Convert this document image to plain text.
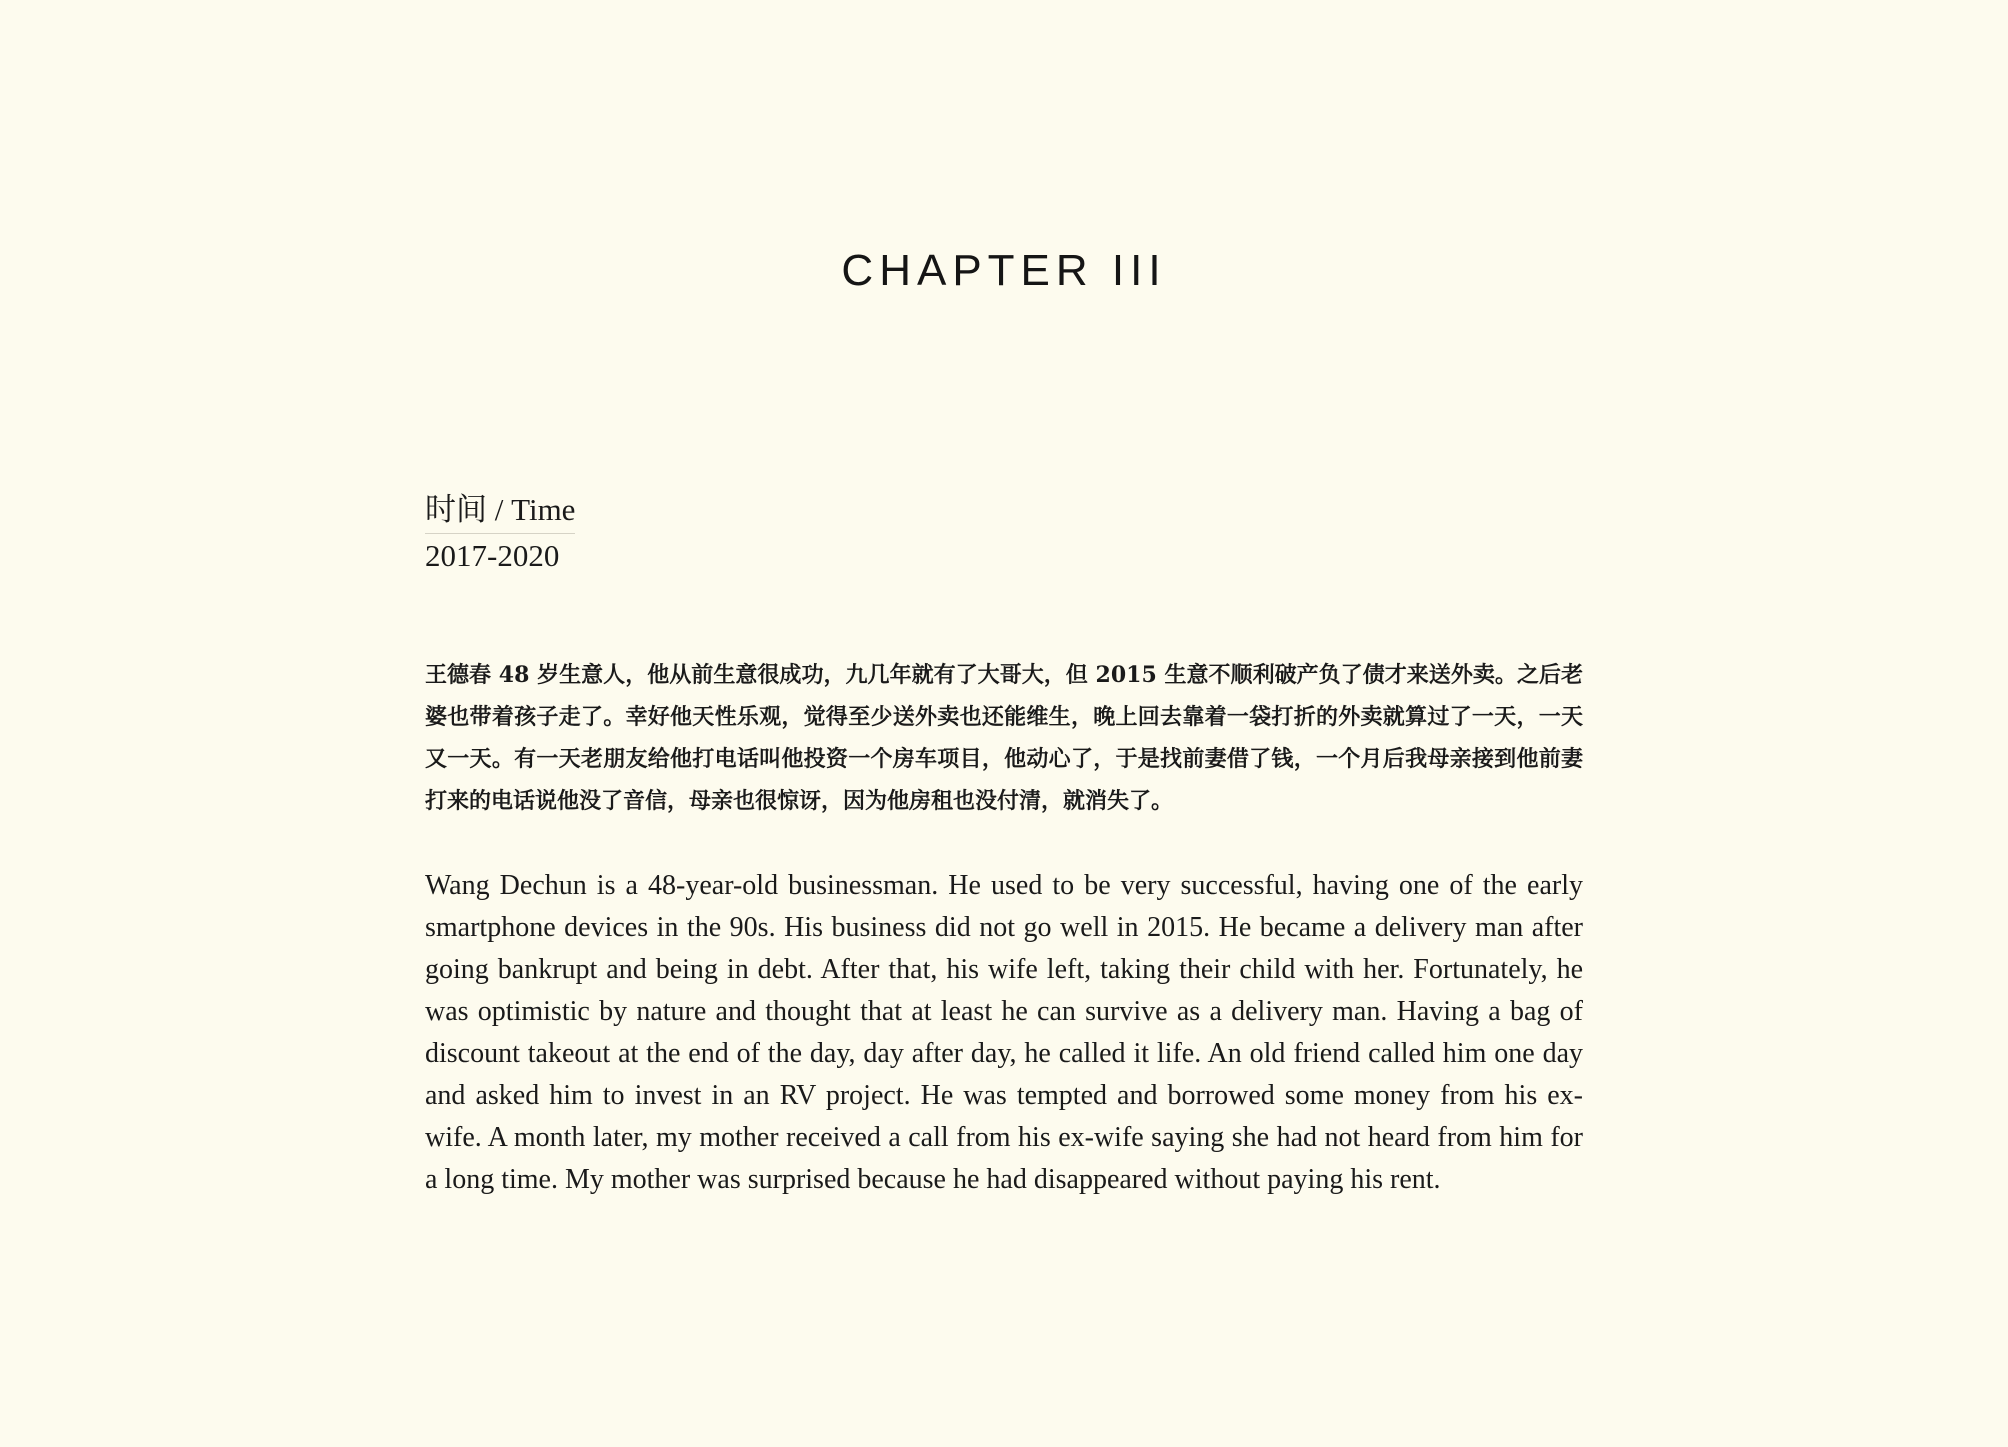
CHAPTER III
时间 / Time
2017-2020

王德春 48 岁生意人，他从前生意很成功，九几年就有了大哥大，但 2015 生意不顺利破产负了债才来送外卖。之后老婆也带着孩子走了。幸好他天性乐观，觉得至少送外卖也还能维生，晚上回去靠着一袋打折的外卖就算过了一天，一天又一天。有一天老朋友给他打电话叫他投资一个房车项目，他动心了，于是找前妻借了钱，一个月后我母亲接到他前妻打来的电话说他没了音信，母亲也很惊讶，因为他房租也没付清，就消失了。

Wang Dechun is a 48-year-old businessman. He used to be very successful, having one of the early smartphone devices in the 90s. His business did not go well in 2015. He became a delivery man after going bankrupt and being in debt. After that, his wife left, taking their child with her. Fortunately, he was optimistic by nature and thought that at least he can survive as a delivery man. Having a bag of discount takeout at the end of the day, day after day, he called it life. An old friend called him one day and asked him to invest in an RV project. He was tempted and borrowed some money from his ex-wife. A month later, my mother received a call from his ex-wife saying she had not heard from him for a long time. My mother was surprised because he had disappeared without paying his rent.
